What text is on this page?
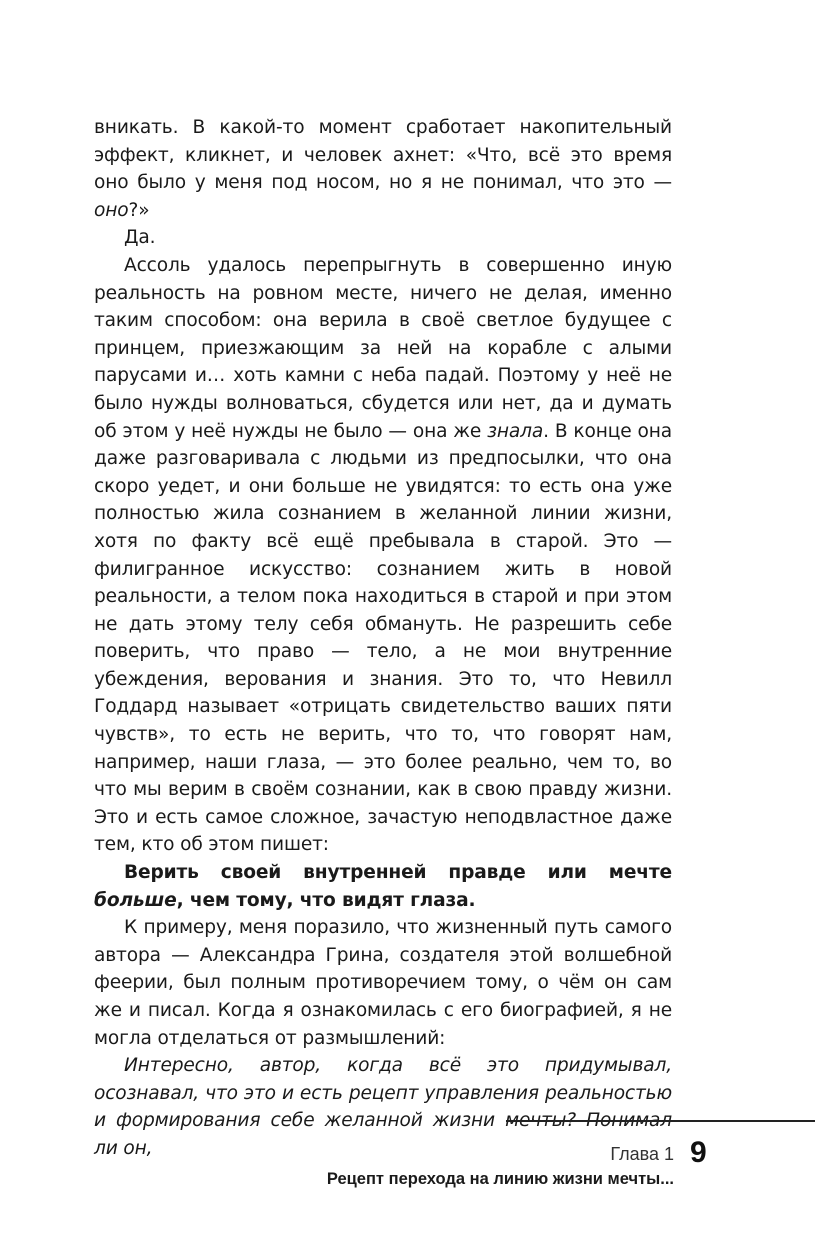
вникать. В какой-то момент сработает накопительный эффект, кликнет, и человек ахнет: «Что, всё это время оно было у меня под носом, но я не понимал, что это — оно?»

Да.

Ассоль удалось перепрыгнуть в совершенно иную реальность на ровном месте, ничего не делая, именно таким способом: она верила в своё светлое будущее с принцем, приезжающим за ней на корабле с алыми парусами и… хоть камни с неба падай. Поэтому у неё не было нужды волноваться, сбудется или нет, да и думать об этом у неё нужды не было — она же знала. В конце она даже разговаривала с людьми из предпосылки, что она скоро уедет, и они больше не увидятся: то есть она уже полностью жила сознанием в желанной линии жизни, хотя по факту всё ещё пребывала в старой. Это — филигранное искусство: сознанием жить в новой реальности, а телом пока находиться в старой и при этом не дать этому телу себя обмануть. Не разрешить себе поверить, что право — тело, а не мои внутренние убеждения, верования и знания. Это то, что Невилл Годдард называет «отрицать свидетельство ваших пяти чувств», то есть не верить, что то, что говорят нам, например, наши глаза, — это более реально, чем то, во что мы верим в своём сознании, как в свою правду жизни. Это и есть самое сложное, зачастую неподвластное даже тем, кто об этом пишет:

Верить своей внутренней правде или мечте больше, чем тому, что видят глаза.

К примеру, меня поразило, что жизненный путь самого автора — Александра Грина, создателя этой волшебной феерии, был полным противоречием тому, о чём он сам же и писал. Когда я ознакомилась с его биографией, я не могла отделаться от размышлений:

Интересно, автор, когда всё это придумывал, осознавал, что это и есть рецепт управления реальностью и формирования себе желанной жизни мечты? Понимал ли он,	Глава 1 9
Рецепт перехода на линию жизни мечты...
